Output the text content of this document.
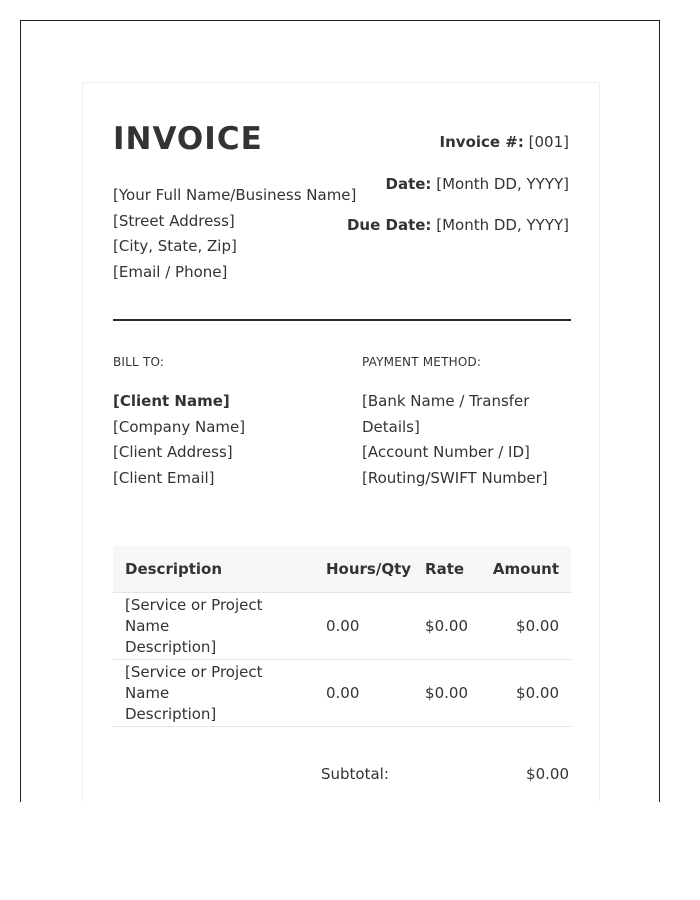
INVOICE
[Your Full Name/Business Name]
[Street Address]
[City, State, Zip]
[Email / Phone]
Invoice #: [001]
Date: [Month DD, YYYY]
Due Date: [Month DD, YYYY]
BILL TO:
[Client Name]
[Company Name]
[Client Address]
[Client Email]
PAYMENT METHOD:
[Bank Name / Transfer
Details]
[Account Number / ID]
[Routing/SWIFT Number]
Description	Hours/Qty	Rate	Amount

[Service or Project Name
Description]	0.00	$0.00	$0.00

[Service or Project Name
Description]	0.00	$0.00	$0.00
Subtotal:	$0.00
